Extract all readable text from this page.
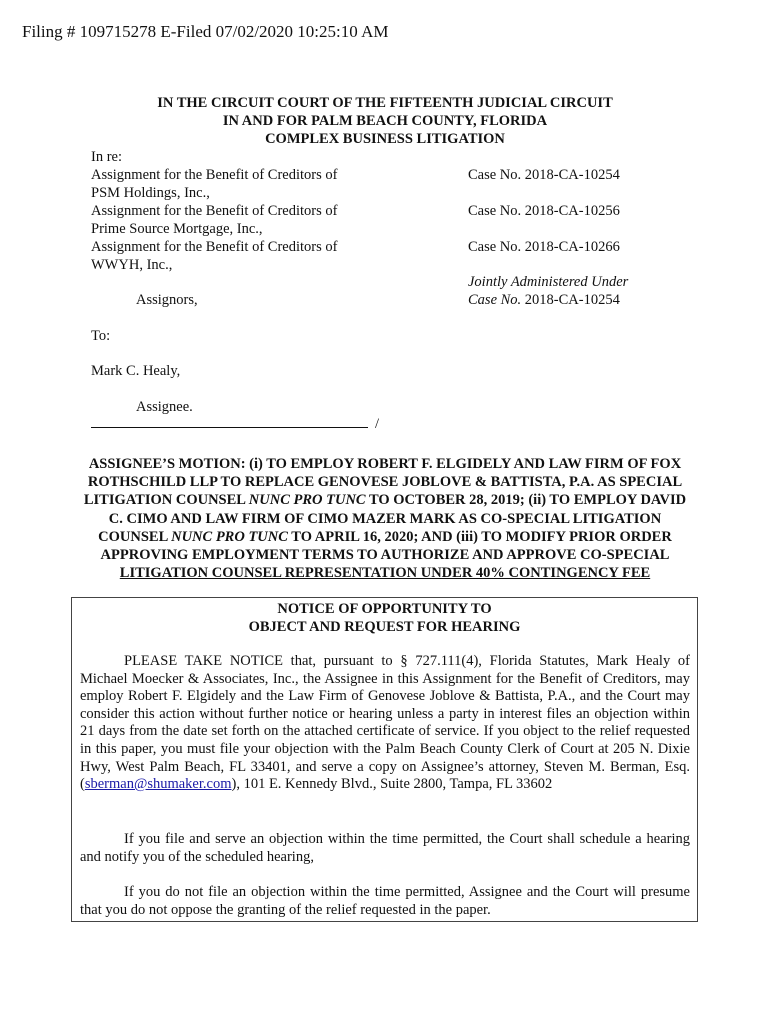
Filing # 109715278 E-Filed 07/02/2020 10:25:10 AM
IN THE CIRCUIT COURT OF THE FIFTEENTH JUDICIAL CIRCUIT
IN AND FOR PALM BEACH COUNTY, FLORIDA
COMPLEX BUSINESS LITIGATION
In re:
Assignment for the Benefit of Creditors of
PSM Holdings, Inc.,
Assignment for the Benefit of Creditors of
Prime Source Mortgage, Inc.,
Assignment for the Benefit of Creditors of
WWYH, Inc.,
Case No. 2018-CA-10254
Case No. 2018-CA-10256
Case No. 2018-CA-10266
Jointly Administered Under
Case No. 2018-CA-10254
Assignors,
To:
Mark C. Healy,
Assignee.
/
ASSIGNEE’S MOTION: (i) TO EMPLOY ROBERT F. ELGIDELY AND LAW FIRM OF FOX
ROTHSCHILD LLP TO REPLACE GENOVESE JOBLOVE & BATTISTA, P.A. AS SPECIAL
LITIGATION COUNSEL NUNC PRO TUNC TO OCTOBER 28, 2019; (ii) TO EMPLOY DAVID
C. CIMO AND LAW FIRM OF CIMO MAZER MARK AS CO-SPECIAL LITIGATION
COUNSEL NUNC PRO TUNC TO APRIL 16, 2020; AND (iii) TO MODIFY PRIOR ORDER
APPROVING EMPLOYMENT TERMS TO AUTHORIZE AND APPROVE CO-SPECIAL
LITIGATION COUNSEL REPRESENTATION UNDER 40% CONTINGENCY FEE
NOTICE OF OPPORTUNITY TO
OBJECT AND REQUEST FOR HEARING
PLEASE TAKE NOTICE that, pursuant to § 727.111(4), Florida Statutes, Mark Healy of Michael Moecker & Associates, Inc., the Assignee in this Assignment for the Benefit of Creditors, may employ Robert F. Elgidely and the Law Firm of Genovese Joblove & Battista, P.A., and the Court may consider this action without further notice or hearing unless a party in interest files an objection within 21 days from the date set forth on the attached certificate of service. If you object to the relief requested in this paper, you must file your objection with the Palm Beach County Clerk of Court at 205 N. Dixie Hwy, West Palm Beach, FL 33401, and serve a copy on Assignee’s attorney, Steven M. Berman, Esq. (sberman@shumaker.com), 101 E. Kennedy Blvd., Suite 2800, Tampa, FL 33602
If you file and serve an objection within the time permitted, the Court shall schedule a hearing and notify you of the scheduled hearing,
If you do not file an objection within the time permitted, Assignee and the Court will presume that you do not oppose the granting of the relief requested in the paper.
